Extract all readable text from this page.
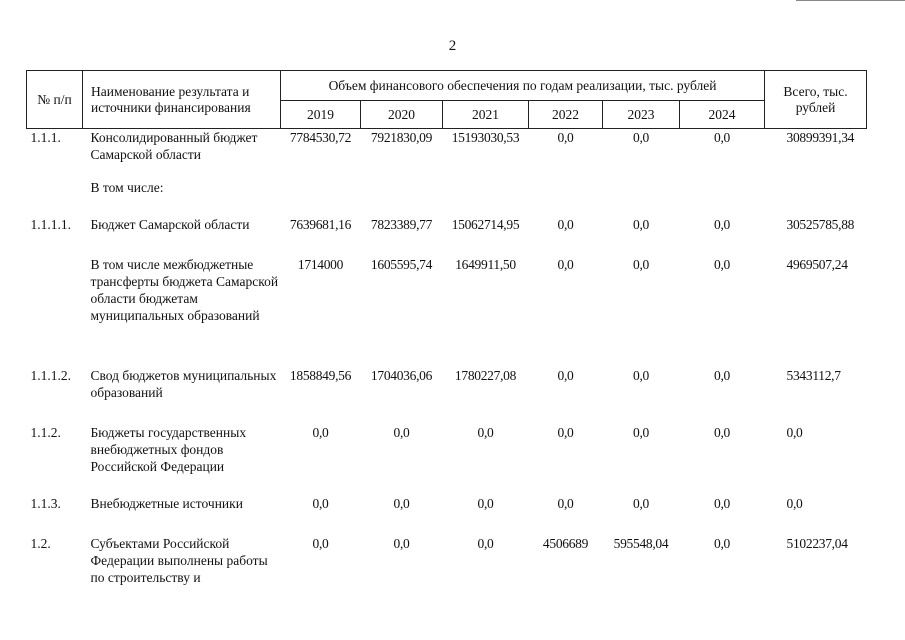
2
№ п/п	Наименование результата и источники финансирования	Объем финансового обеспечения по годам реализации, тыс. рублей						Всего, тыс. рублей

		2019	2020	2021	2022	2023	2024	
1.1.1.	Консолидированный бюджет Самарской области	7784530,72	7921830,09	15193030,53	0,0	0,0	0,0	30899391,34
	В том числе:							
1.1.1.1.	Бюджет Самарской области	7639681,16	7823389,77	15062714,95	0,0	0,0	0,0	30525785,88
	В том числе межбюджетные трансферты бюджета Самарской области бюджетам муниципальных образований	1714000	1605595,74	1649911,50	0,0	0,0	0,0	4969507,24
1.1.1.2.	Свод бюджетов муниципальных образований	1858849,56	1704036,06	1780227,08	0,0	0,0	0,0	5343112,7
1.1.2.	Бюджеты государственных внебюджетных фондов Российской Федерации	0,0	0,0	0,0	0,0	0,0	0,0	0,0
1.1.3.	Внебюджетные источники	0,0	0,0	0,0	0,0	0,0	0,0	0,0
1.2.	Субъектами Российской Федерации выполнены работы по строительству и	0,0	0,0	0,0	4506689	595548,04	0,0	5102237,04
